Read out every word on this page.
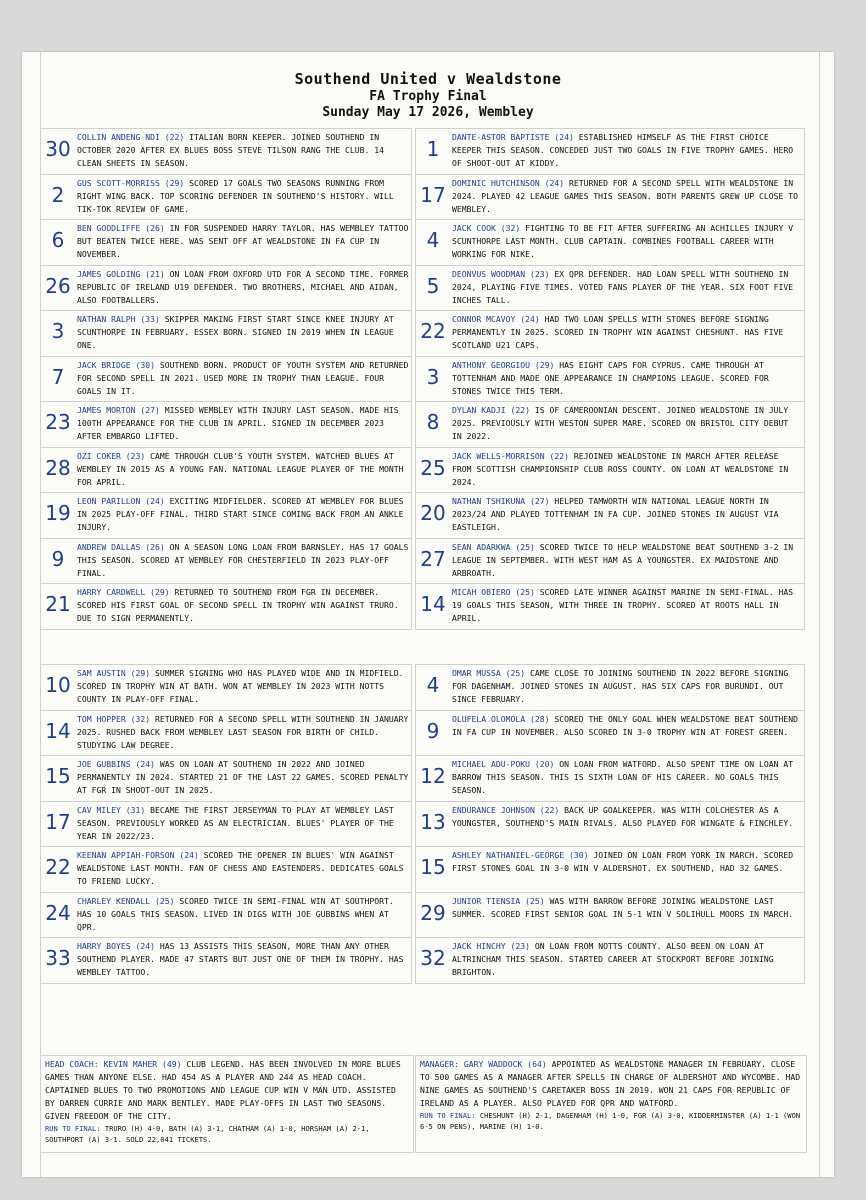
Southend United v Wealdstone
FA Trophy Final
Sunday May 17 2026, Wembley
30 COLLIN ANDENG NDI (22) ITALIAN BORN KEEPER. JOINED SOUTHEND IN OCTOBER 2020 AFTER EX BLUES BOSS STEVE TILSON RANG THE CLUB. 14 CLEAN SHEETS IN SEASON.
2	GUS SCOTT-MORRISS (29) SCORED 17 GOALS TWO SEASONS RUNNING FROM RIGHT WING BACK. TOP SCORING DEFENDER IN SOUTHEND'S HISTORY. WILL TIK-TOK REVIEW OF GAME.
6	BEN GOODLIFFE (26) IN FOR SUSPENDED HARRY TAYLOR. HAS WEMBLEY TATTOO BUT BEATEN TWICE HERE. WAS SENT OFF AT WEALDSTONE IN FA CUP IN NOVEMBER.
26 JAMES GOLDING (21) ON LOAN FROM OXFORD UTD FOR A SECOND TIME. FORMER REPUBLIC OF IRELAND U19 DEFENDER. TWO BROTHERS, MICHAEL AND AIDAN, ALSO FOOTBALLERS.
3	NATHAN RALPH (33) SKIPPER MAKING FIRST START SINCE KNEE INJURY AT SCUNTHORPE IN FEBRUARY. ESSEX BORN. SIGNED IN 2019 WHEN IN LEAGUE ONE.
7	JACK BRIDGE (30) SOUTHEND BORN. PRODUCT OF YOUTH SYSTEM AND RETURNED FOR SECOND SPELL IN 2021. USED MORE IN TROPHY THAN LEAGUE. FOUR GOALS IN IT.
23 JAMES MORTON (27) MISSED WEMBLEY WITH INJURY LAST SEASON. MADE HIS 100TH APPEARANCE FOR THE CLUB IN APRIL. SIGNED IN DECEMBER 2023 AFTER EMBARGO LIFTED.
28 OZI COKER (23) CAME THROUGH CLUB'S YOUTH SYSTEM. WATCHED BLUES AT WEMBLEY IN 2015 AS A YOUNG FAN. NATIONAL LEAGUE PLAYER OF THE MONTH FOR APRIL.
19 LEON PARILLON (24) EXCITING MIDFIELDER. SCORED AT WEMBLEY FOR BLUES IN 2025 PLAY-OFF FINAL. THIRD START SINCE COMING BACK FROM AN ANKLE INJURY.
9	ANDREW DALLAS (26) ON A SEASON LONG LOAN FROM BARNSLEY. HAS 17 GOALS THIS SEASON. SCORED AT WEMBLEY FOR CHESTERFIELD IN 2023 PLAY-OFF FINAL.
21 HARRY CARDWELL (29) RETURNED TO SOUTHEND FROM FGR IN DECEMBER. SCORED HIS FIRST GOAL OF SECOND SPELL IN TROPHY WIN AGAINST TRURO. DUE TO SIGN PERMANENTLY.
1	DANTE-ASTOR BAPTISTE (24) ESTABLISHED HIMSELF AS THE FIRST CHOICE KEEPER THIS SEASON. CONCEDED JUST TWO GOALS IN FIVE TROPHY GAMES. HERO OF SHOOT-OUT AT KIDDY.
17 DOMINIC HUTCHINSON (24) RETURNED FOR A SECOND SPELL WITH WEALDSTONE IN 2024. PLAYED 42 LEAGUE GAMES THIS SEASON. BOTH PARENTS GREW UP CLOSE TO WEMBLEY.
4	JACK COOK (32) FIGHTING TO BE FIT AFTER SUFFERING AN ACHILLES INJURY V SCUNTHORPE LAST MONTH. CLUB CAPTAIN. COMBINES FOOTBALL CAREER WITH WORKING FOR NIKE.
5	DEONVUS WOODMAN (23) EX QPR DEFENDER. HAD LOAN SPELL WITH SOUTHEND IN 2024, PLAYING FIVE TIMES. VOTED FANS PLAYER OF THE YEAR. SIX FOOT FIVE INCHES TALL.
22 CONNOR MCAVOY (24) HAD TWO LOAN SPELLS WITH STONES BEFORE SIGNING PERMANENTLY IN 2025. SCORED IN TROPHY WIN AGAINST CHESHUNT. HAS FIVE SCOTLAND U21 CAPS.
3	ANTHONY GEORGIOU (29) HAS EIGHT CAPS FOR CYPRUS. CAME THROUGH AT TOTTENHAM AND MADE ONE APPEARANCE IN CHAMPIONS LEAGUE. SCORED FOR STONES TWICE THIS TERM.
8	DYLAN KADJI (22) IS OF CAMEROONIAN DESCENT. JOINED WEALDSTONE IN JULY 2025. PREVIOUSLY WITH WESTON SUPER MARE. SCORED ON BRISTOL CITY DEBUT IN 2022.
25 JACK WELLS-MORRISON (22) REJOINED WEALDSTONE IN MARCH AFTER RELEASE FROM SCOTTISH CHAMPIONSHIP CLUB ROSS COUNTY. ON LOAN AT WEALDSTONE IN 2024.
20 NATHAN TSHIKUNA (27) HELPED TAMWORTH WIN NATIONAL LEAGUE NORTH IN 2023/24 AND PLAYED TOTTENHAM IN FA CUP. JOINED STONES IN AUGUST VIA EASTLEIGH.
27 SEAN ADARKWA (25) SCORED TWICE TO HELP WEALDSTONE BEAT SOUTHEND 3-2 IN LEAGUE IN SEPTEMBER. WITH WEST HAM AS A YOUNGSTER. EX MAIDSTONE AND ARBROATH.
14 MICAH OBIERO (25) SCORED LATE WINNER AGAINST MARINE IN SEMI-FINAL. HAS 19 GOALS THIS SEASON, WITH THREE IN TROPHY. SCORED AT ROOTS HALL IN APRIL.
10 SAM AUSTIN (29) SUMMER SIGNING WHO HAS PLAYED WIDE AND IN MIDFIELD. SCORED IN TROPHY WIN AT BATH. WON AT WEMBLEY IN 2023 WITH NOTTS COUNTY IN PLAY-OFF FINAL.
14 TOM HOPPER (32) RETURNED FOR A SECOND SPELL WITH SOUTHEND IN JANUARY 2025. RUSHED BACK FROM WEMBLEY LAST SEASON FOR BIRTH OF CHILD. STUDYING LAW DEGREE.
15 JOE GUBBINS (24) WAS ON LOAN AT SOUTHEND IN 2022 AND JOINED PERMANENTLY IN 2024. STARTED 21 OF THE LAST 22 GAMES. SCORED PENALTY AT FGR IN SHOOT-OUT IN 2025.
17 CAV MILEY (31) BECAME THE FIRST JERSEYMAN TO PLAY AT WEMBLEY LAST SEASON. PREVIOUSLY WORKED AS AN ELECTRICIAN. BLUES' PLAYER OF THE YEAR IN 2022/23.
22 KEENAN APPIAH-FORSON (24) SCORED THE OPENER IN BLUES' WIN AGAINST WEALDSTONE LAST MONTH. FAN OF CHESS AND EASTENDERS. DEDICATES GOALS TO FRIEND LUCKY.
24 CHARLEY KENDALL (25) SCORED TWICE IN SEMI-FINAL WIN AT SOUTHPORT. HAS 10 GOALS THIS SEASON. LIVED IN DIGS WITH JOE GUBBINS WHEN AT QPR.
33 HARRY BOYES (24) HAS 13 ASSISTS THIS SEASON, MORE THAN ANY OTHER SOUTHEND PLAYER. MADE 47 STARTS BUT JUST ONE OF THEM IN TROPHY. HAS WEMBLEY TATTOO.
4	OMAR MUSSA (25) CAME CLOSE TO JOINING SOUTHEND IN 2022 BEFORE SIGNING FOR DAGENHAM. JOINED STONES IN AUGUST. HAS SIX CAPS FOR BURUNDI. OUT SINCE FEBRUARY.
9	OLUFELA OLOMOLA (28) SCORED THE ONLY GOAL WHEN WEALDSTONE BEAT SOUTHEND IN FA CUP IN NOVEMBER. ALSO SCORED IN 3-0 TROPHY WIN AT FOREST GREEN.
12 MICHAEL ADU-POKU (20) ON LOAN FROM WATFORD. ALSO SPENT TIME ON LOAN AT BARROW THIS SEASON. THIS IS SIXTH LOAN OF HIS CAREER. NO GOALS THIS SEASON.
13 ENDURANCE JOHNSON (22) BACK UP GOALKEEPER. WAS WITH COLCHESTER AS A YOUNGSTER, SOUTHEND'S MAIN RIVALS. ALSO PLAYED FOR WINGATE & FINCHLEY.
15 ASHLEY NATHANIEL-GEORGE (30) JOINED ON LOAN FROM YORK IN MARCH. SCORED FIRST STONES GOAL IN 3-0 WIN V ALDERSHOT. EX SOUTHEND, HAD 32 GAMES.
29 JUNIOR TIENSIA (25) WAS WITH BARROW BEFORE JOINING WEALDSTONE LAST SUMMER. SCORED FIRST SENIOR GOAL IN 5-1 WIN V SOLIHULL MOORS IN MARCH.
32 JACK HINCHY (23) ON LOAN FROM NOTTS COUNTY. ALSO BEEN ON LOAN AT ALTRINCHAM THIS SEASON. STARTED CAREER AT STOCKPORT BEFORE JOINING BRIGHTON.
HEAD COACH: KEVIN MAHER (49) CLUB LEGEND. HAS BEEN INVOLVED IN MORE BLUES GAMES THAN ANYONE ELSE. HAD 454 AS A PLAYER AND 244 AS HEAD COACH. CAPTAINED BLUES TO TWO PROMOTIONS AND LEAGUE CUP WIN V MAN UTD. ASSISTED BY DARREN CURRIE AND MARK BENTLEY. MADE PLAY-OFFS IN LAST TWO SEASONS. GIVEN FREEDOM OF THE CITY.
RUN TO FINAL: TRURO (H) 4-0, BATH (A) 3-1, CHATHAM (A) 1-0, HORSHAM (A) 2-1, SOUTHPORT (A) 3-1. SOLD 22,041 TICKETS.
MANAGER: GARY WADDOCK (64) APPOINTED AS WEALDSTONE MANAGER IN FEBRUARY. CLOSE TO 500 GAMES AS A MANAGER AFTER SPELLS IN CHARGE OF ALDERSHOT AND WYCOMBE. HAD NINE GAMES AS SOUTHEND'S CARETAKER BOSS IN 2019. WON 21 CAPS FOR REPUBLIC OF IRELAND AS A PLAYER. ALSO PLAYED FOR QPR AND WATFORD.
RUN TO FINAL: CHESHUNT (H) 2-1, DAGENHAM (H) 1-0, FGR (A) 3-0, KIDDERMINSTER (A) 1-1 (WON 6-5 ON PENS), MARINE (H) 1-0.
